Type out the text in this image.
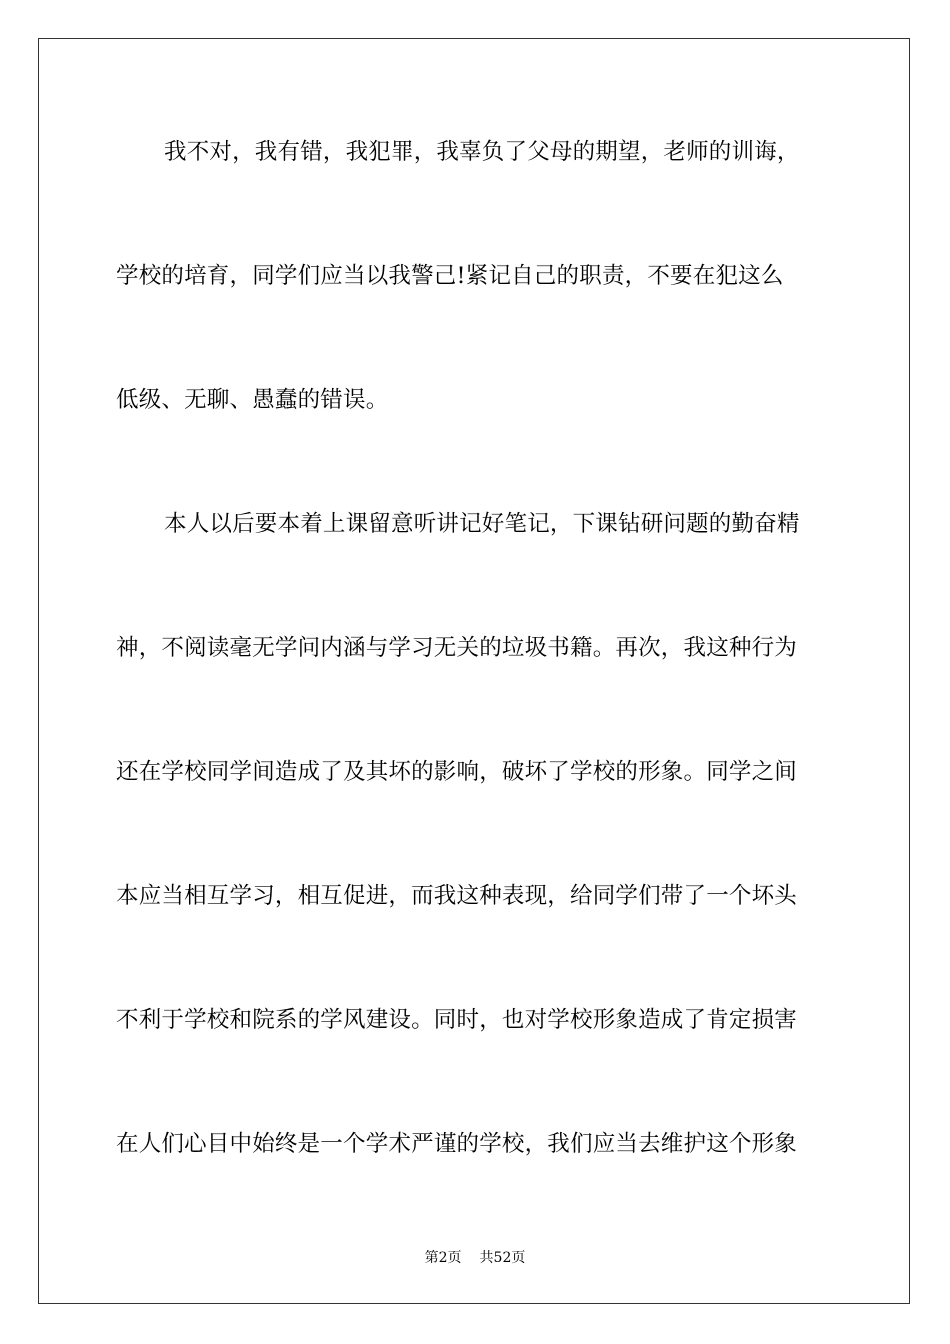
我不对，我有错，我犯罪，我辜负了父母的期望，老师的训诲，
学校的培育，同学们应当以我警己!紧记自己的职责，不要在犯这么
低级、无聊、愚蠢的错误。
本人以后要本着上课留意听讲记好笔记，下课钻研问题的勤奋精
神，不阅读毫无学问内涵与学习无关的垃圾书籍。再次，我这种行为
还在学校同学间造成了及其坏的影响，破坏了学校的形象。同学之间
本应当相互学习，相互促进，而我这种表现，给同学们带了一个坏头
不利于学校和院系的学风建设。同时，也对学校形象造成了肯定损害
在人们心目中始终是一个学术严谨的学校，我们应当去维护这个形象
第2页 共52页
